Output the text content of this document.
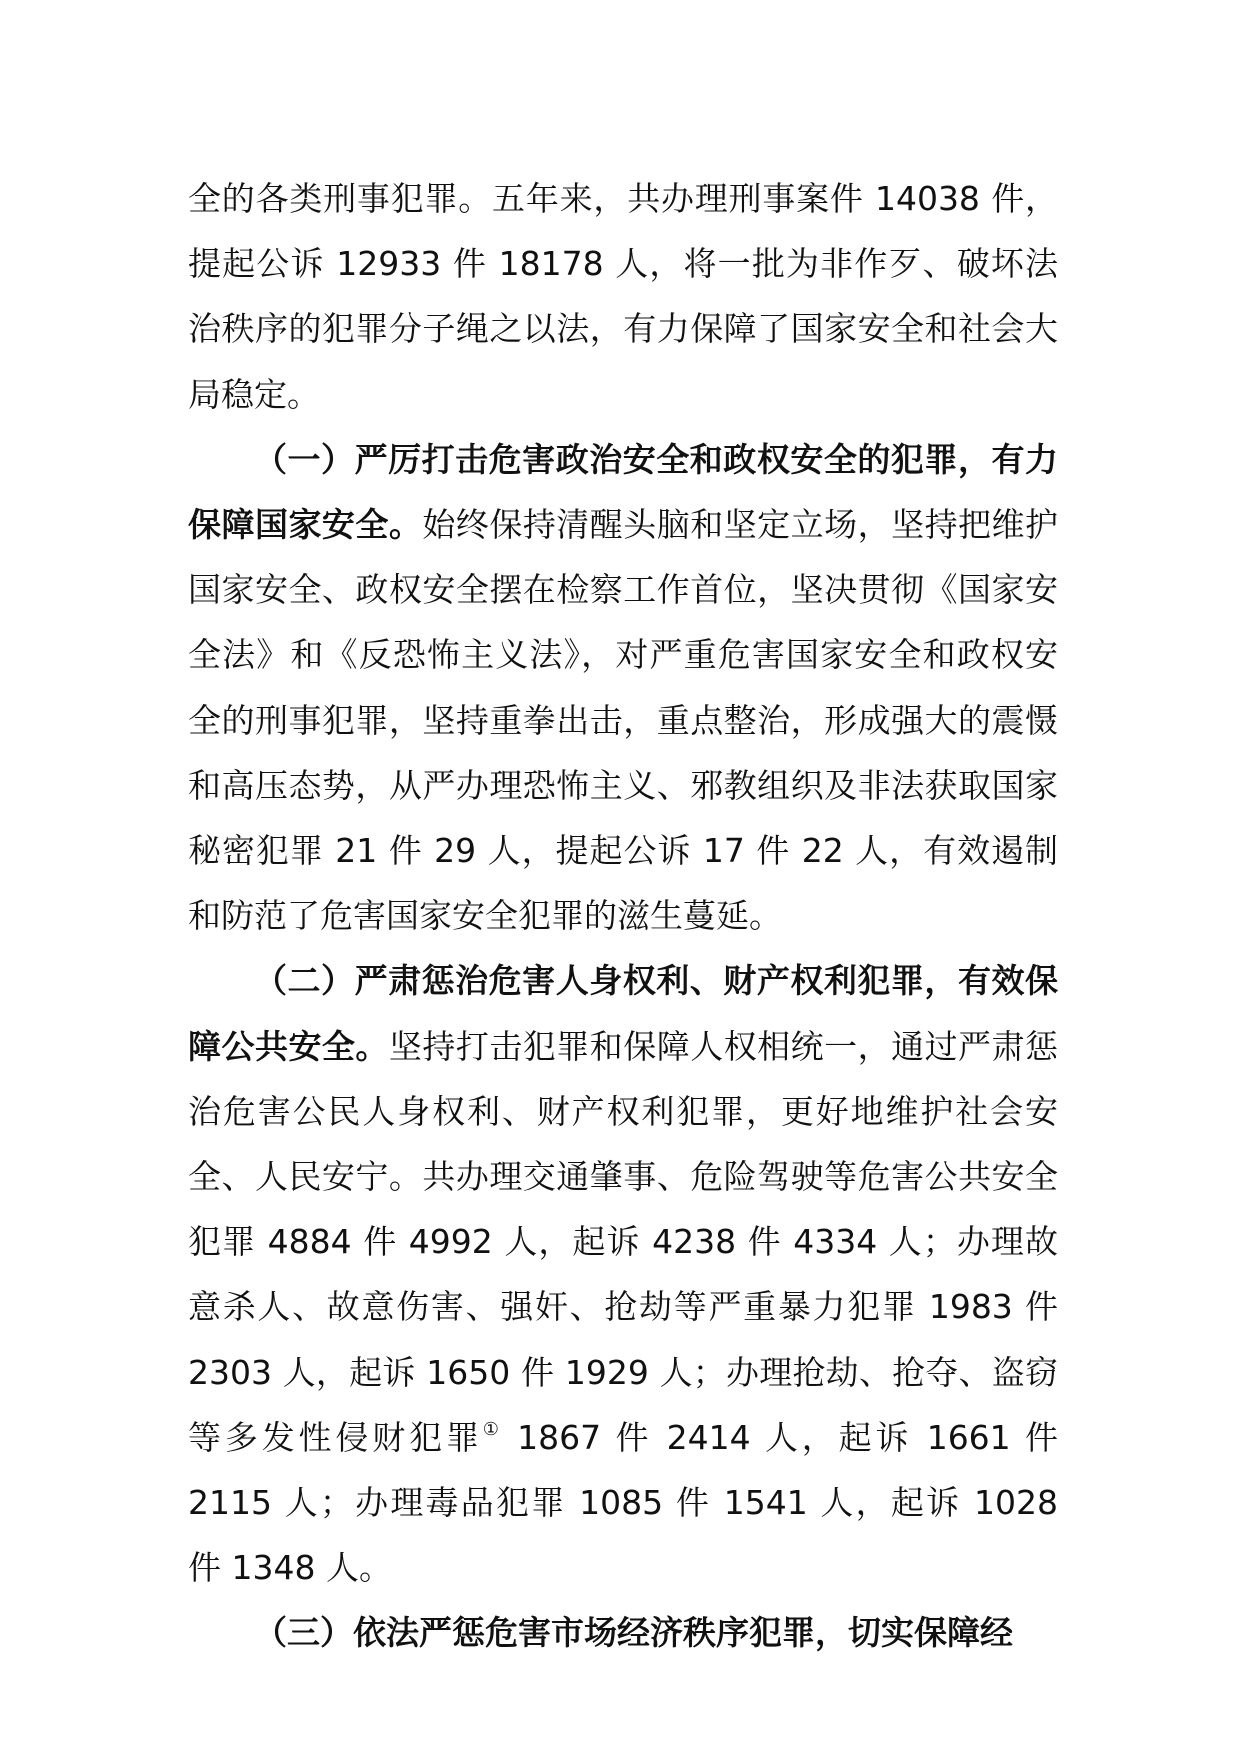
全的各类刑事犯罪。五年来，共办理刑事案件 14038 件，提起公诉 12933 件 18178 人，将一批为非作歹、破坏法治秩序的犯罪分子绳之以法，有力保障了国家安全和社会大局稳定。

（一）严厉打击危害政治安全和政权安全的犯罪，有力保障国家安全。始终保持清醒头脑和坚定立场，坚持把维护国家安全、政权安全摆在检察工作首位，坚决贯彻《国家安全法》和《反恐怖主义法》，对严重危害国家安全和政权安全的刑事犯罪，坚持重拳出击，重点整治，形成强大的震慑和高压态势，从严办理恐怖主义、邪教组织及非法获取国家秘密犯罪 21 件 29 人，提起公诉 17 件 22 人，有效遏制和防范了危害国家安全犯罪的滋生蔓延。

（二）严肃惩治危害人身权利、财产权利犯罪，有效保障公共安全。坚持打击犯罪和保障人权相统一，通过严肃惩治危害公民人身权利、财产权利犯罪，更好地维护社会安全、人民安宁。共办理交通肇事、危险驾驶等危害公共安全犯罪 4884 件 4992 人，起诉 4238 件 4334 人；办理故意杀人、故意伤害、强奸、抢劫等严重暴力犯罪 1983 件 2303 人，起诉 1650 件 1929 人；办理抢劫、抢夺、盗窃等多发性侵财犯罪① 1867 件 2414 人，起诉 1661 件 2115 人；办理毒品犯罪 1085 件 1541 人，起诉 1028 件 1348 人。

（三）依法严惩危害市场经济秩序犯罪，切实保障经
